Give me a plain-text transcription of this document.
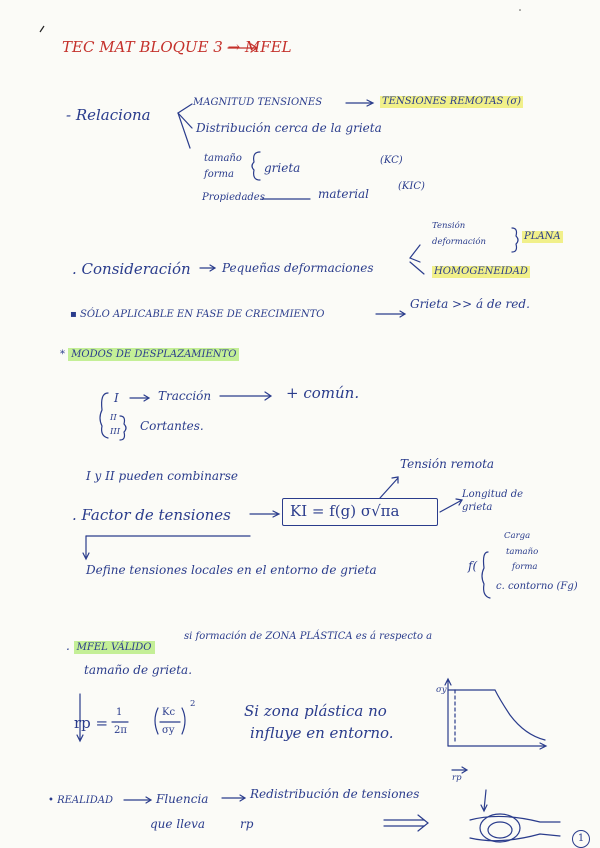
TEC MAT BLOQUE 3 → MFEL
- Relaciona
MAGNITUD TENSIONES	TENSIONES REMOTAS (σ)
Distribución cerca de la grieta
tamaño
forma	grieta
(KC)
Propiedades	material
(KIC)
. Consideración	Pequeñas deformaciones
Tensión
deformación	PLANA
HOMOGENEIDAD
▪ SÓLO APLICABLE EN FASE DE CRECIMIENTO
Grieta >> á de red.
* MODOS DE DESPLAZAMIENTO
I	Tracción	+ común.
II
III Cortantes.
I y II pueden combinarse
Tensión remota
. Factor de tensiones	KΙ = f(g) σ√πa
Longitud de
grieta
Define tensiones locales en el entorno de grieta	f(
Carga
tamaño
forma
c. contorno (Fg)
. MFEL VÁLIDO
si formación de ZONA PLÁSTICA es á respecto a
tamaño de grieta.
rp =
1
2π
Kc
σy
2	Si zona plástica no
influye en entorno.
σy
rp
• REALIDAD	Fluencia	Redistribución de tensiones
que lleva	rp
1
